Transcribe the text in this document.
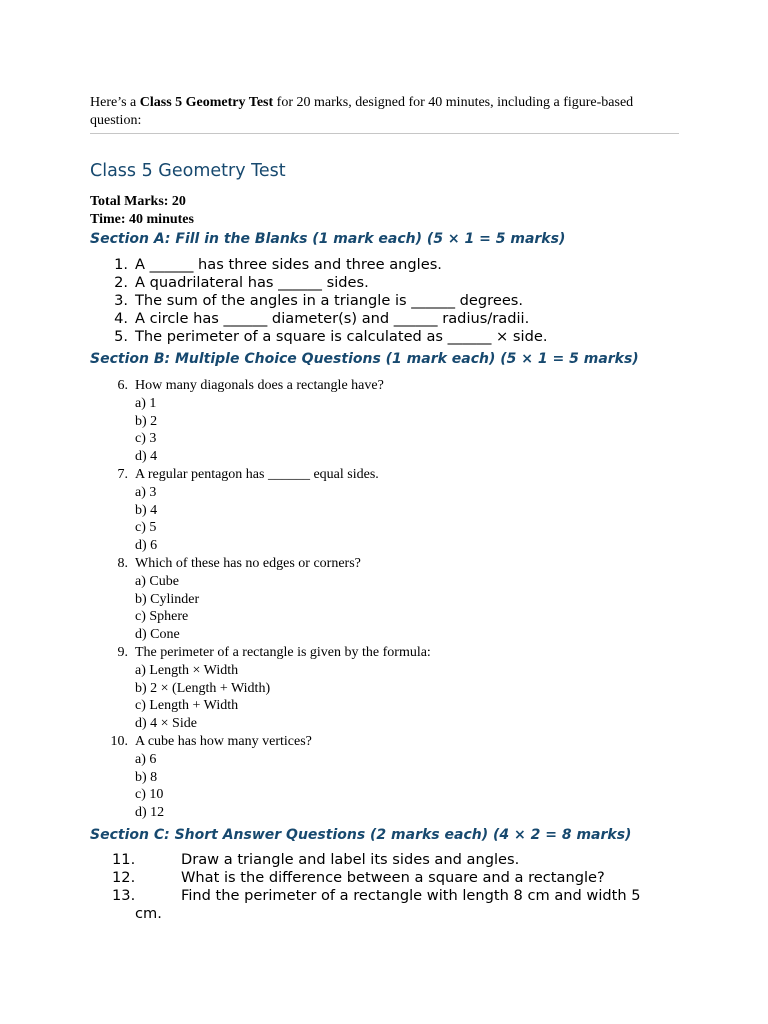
Here’s a Class 5 Geometry Test for 20 marks, designed for 40 minutes, including a figure-based question:

Class 5 Geometry Test
Total Marks: 20
Time: 40 minutes
Section A: Fill in the Blanks (1 mark each) (5 × 1 = 5 marks)
1. A ______ has three sides and three angles.
2. A quadrilateral has ______ sides.
3. The sum of the angles in a triangle is ______ degrees.
4. A circle has ______ diameter(s) and ______ radius/radii.
5. The perimeter of a square is calculated as ______ × side.
Section B: Multiple Choice Questions (1 mark each) (5 × 1 = 5 marks)
6. How many diagonals does a rectangle have?
a) 1
b) 2
c) 3
d) 4
7. A regular pentagon has ______ equal sides.
a) 3
b) 4
c) 5
d) 6
8. Which of these has no edges or corners?
a) Cube
b) Cylinder
c) Sphere
d) Cone
9. The perimeter of a rectangle is given by the formula:
a) Length × Width
b) 2 × (Length + Width)
c) Length + Width
d) 4 × Side
10. A cube has how many vertices?
a) 6
b) 8
c) 10
d) 12
Section C: Short Answer Questions (2 marks each) (4 × 2 = 8 marks)
11.	Draw a triangle and label its sides and angles.
12.	What is the difference between a square and a rectangle?
13.	Find the perimeter of a rectangle with length 8 cm and width 5
cm.
